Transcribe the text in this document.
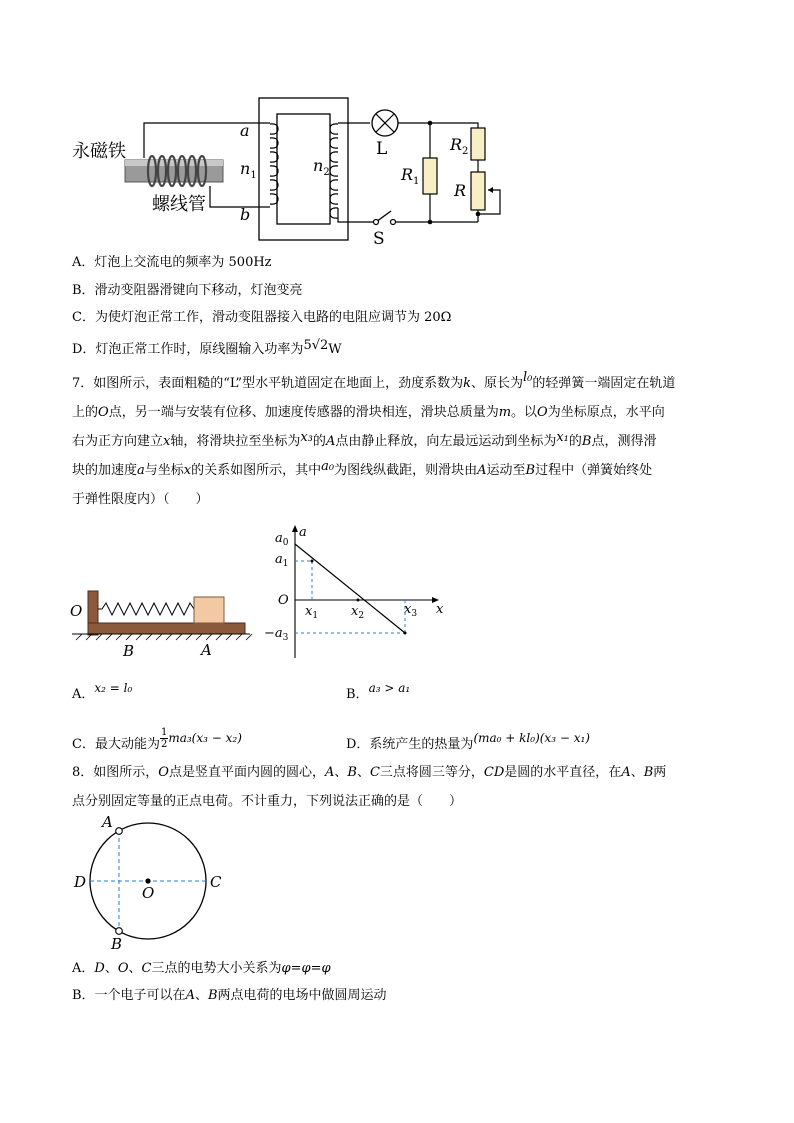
永磁铁
螺线管
a
b
$n_1$
$n_2$
L
$R_1$
$R_2$
R
S
A．灯泡上交流电的频率为 500Hz
B．滑动变阻器滑键向下移动，灯泡变亮
C．为使灯泡正常工作，滑动变阻器接入电路的电阻应调节为 20Ω
D．灯泡正常工作时，原线圈输入功率为5√2W
7．如图所示，表面粗糙的“L”型水平轨道固定在地面上，劲度系数为k、原长为l₀的轻弹簧一端固定在轨道
上的O点，另一端与安装有位移、加速度传感器的滑块相连，滑块总质量为m。以O为坐标原点，水平向
右为正方向建立x轴，将滑块拉至坐标为x₃的A点由静止释放，向左最远运动到坐标为x₁的B点，测得滑
块的加速度a与坐标x的关系如图所示，其中a₀为图线纵截距，则滑块由A运动至B过程中（弹簧始终处
于弹性限度内）（　　）
O
B	A
a
x
O
$a_0$
$a_1$
$-a_3$
$x_1$	$x_2$	$x_3$
A．x₂ = l₀	B．a₃ > a₁
C．最大动能为 $\frac{1}{2} ma_3(x_3 - x_2)$	D．系统产生的热量为(ma₀ + kl₀)(x₃ − x₁)
8．如图所示，O点是竖直平面内圆的圆心，A、B、C三点将圆三等分，CD是圆的水平直径，在A、B两
点分别固定等量的正点电荷。不计重力，下列说法正确的是（　　）
A
B
D	C
O
A．D、O、C三点的电势大小关系为φ=φ=φ
B．一个电子可以在A、B两点电荷的电场中做圆周运动
